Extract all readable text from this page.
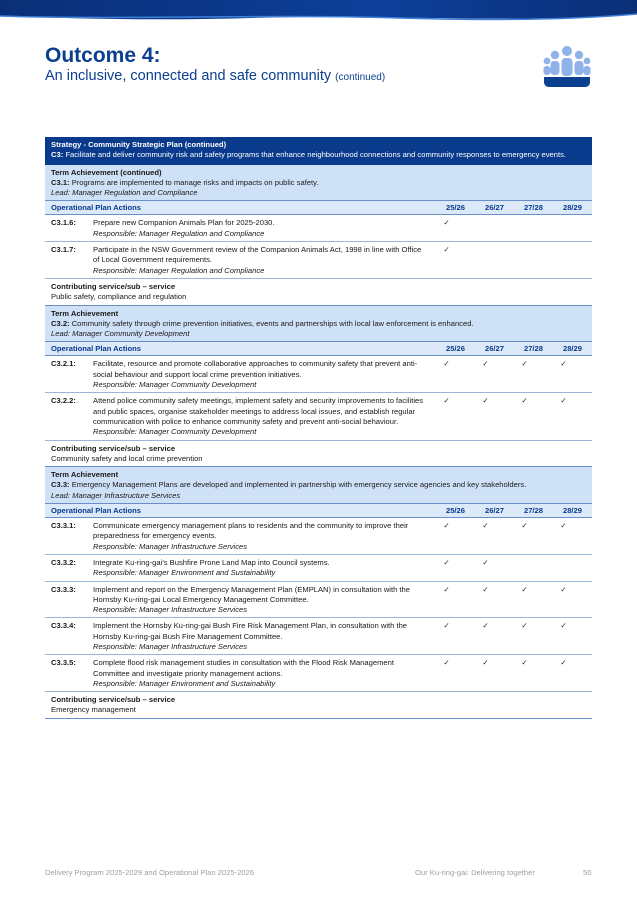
Outcome 4:
An inclusive, connected and safe community (continued)
Strategy - Community Strategic Plan (continued)
C3: Facilitate and deliver community risk and safety programs that enhance neighbourhood connections and community responses to emergency events.
Term Achievement (continued)
C3.1: Programs are implemented to manage risks and impacts on public safety.
Lead: Manager Regulation and Compliance
Operational Plan Actions	25/26	26/27	27/28	28/29
C3.1.6:	Prepare new Companion Animals Plan for 2025-2030.
Responsible: Manager Regulation and Compliance
✓
C3.1.7:	Participate in the NSW Government review of the Companion Animals Act, 1998 in line with Office of Local Government requirements.
Responsible: Manager Regulation and Compliance
✓
Contributing service/sub – service
Public safety, compliance and regulation
Term Achievement
C3.2: Community safety through crime prevention initiatives, events and partnerships with local law enforcement is enhanced.
Lead: Manager Community Development
Operational Plan Actions	25/26	26/27	27/28	28/29
C3.2.1:	Facilitate, resource and promote collaborative approaches to community safety that prevent anti-social behaviour and support local crime prevention initiatives.
Responsible: Manager Community Development
✓	✓	✓	✓
C3.2.2:	Attend police community safety meetings, implement safety and security improvements to facilities and public spaces, organise stakeholder meetings to address local issues, and establish regular communication with police to enhance community safety and prevent anti-social behaviour.
Responsible: Manager Community Development
✓	✓	✓	✓
Contributing service/sub – service
Community safety and local crime prevention
Term Achievement
C3.3: Emergency Management Plans are developed and implemented in partnership with emergency service agencies and key stakeholders.
Lead: Manager Infrastructure Services
Operational Plan Actions	25/26	26/27	27/28	28/29
C3.3.1:	Communicate emergency management plans to residents and the community to improve their preparedness for emergency events.
Responsible: Manager Infrastructure Services
✓	✓	✓	✓
C3.3.2:	Integrate Ku-ring-gai’s Bushfire Prone Land Map into Council systems.
Responsible: Manager Environment and Sustainability
✓	✓
C3.3.3:	Implement and report on the Emergency Management Plan (EMPLAN) in consultation with the Hornsby Ku-ring-gai Local Emergency Management Committee.
Responsible: Manager Infrastructure Services
✓	✓	✓	✓
C3.3.4:	Implement the Hornsby Ku-ring-gai Bush Fire Risk Management Plan, in consultation with the Hornsby Ku-ring-gai Bush Fire Management Committee.
Responsible: Manager Infrastructure Services
✓	✓	✓	✓
C3.3.5:	Complete flood risk management studies in consultation with the Flood Risk Management Committee and investigate priority management actions.
Responsible: Manager Environment and Sustainability
✓	✓	✓	✓
Contributing service/sub – service
Emergency management
Delivery Program 2025-2029 and Operational Plan 2025-2026	Our Ku-ring-gai: Delivering together	50
